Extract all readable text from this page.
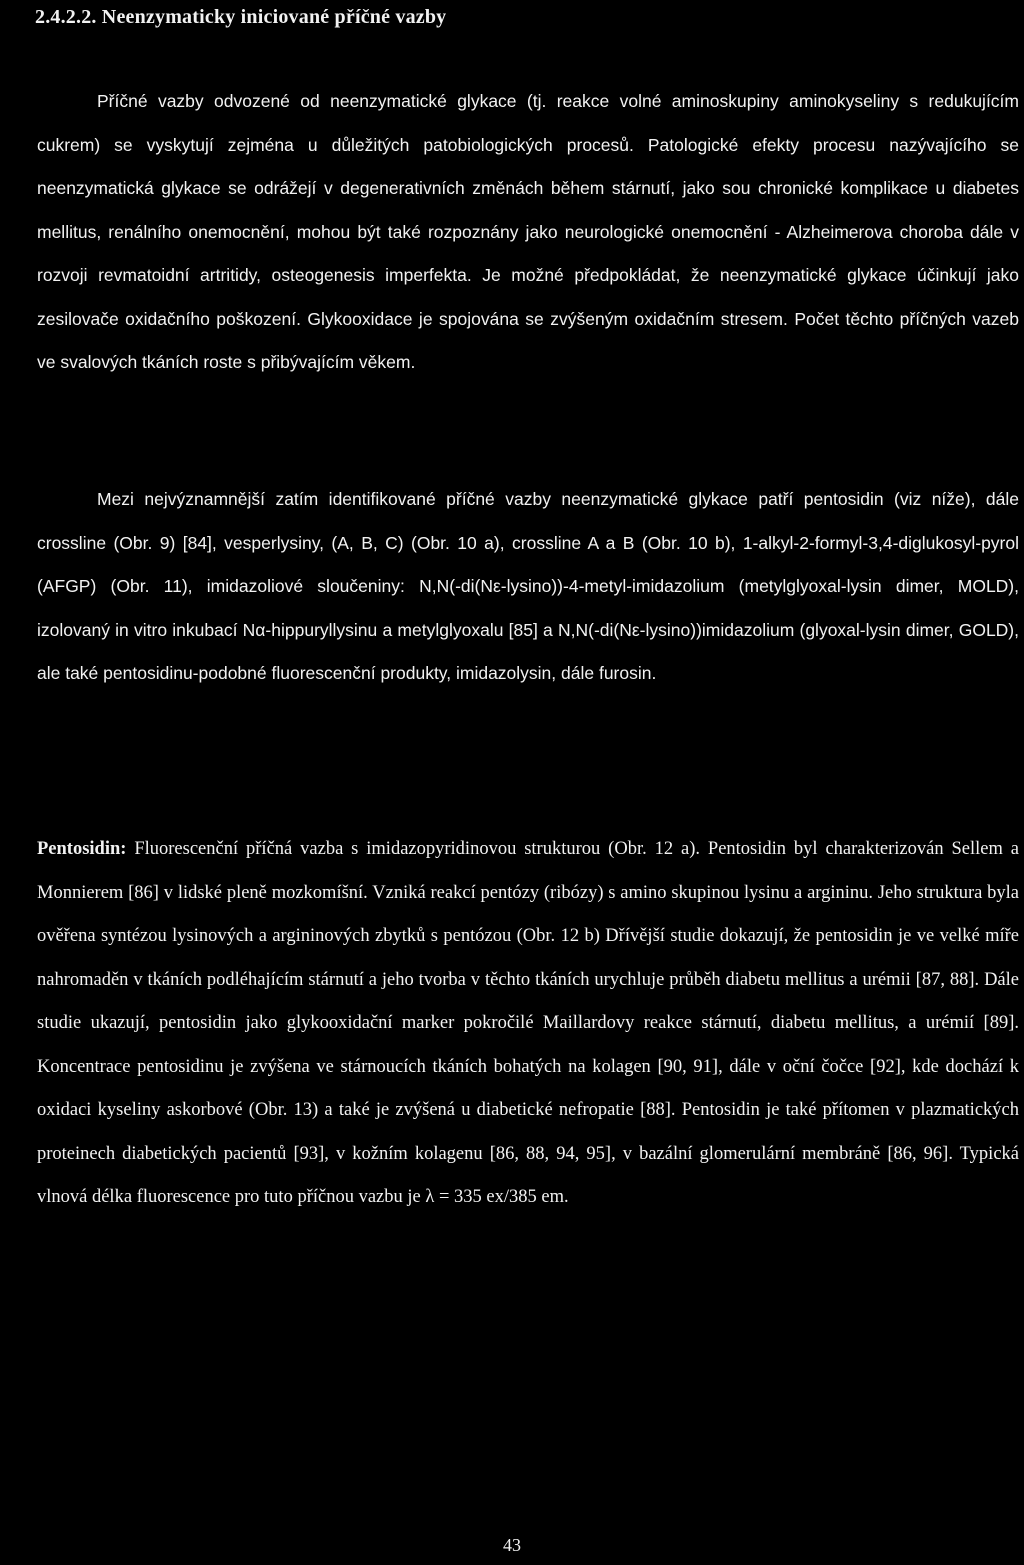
2.4.2.2. Neenzymaticky iniciované příčné vazby

Příčné vazby odvozené od neenzymatické glykace (tj. reakce volné aminoskupiny aminokyseliny s redukujícím cukrem) se vyskytují zejména u důležitých patobiologických procesů. Patologické efekty procesu nazývajícího se neenzymatická glykace se odrážejí v degenerativních změnách během stárnutí, jako sou chronické komplikace u diabetes mellitus, renálního onemocnění, mohou být také rozpoznány jako neurologické onemocnění - Alzheimerova choroba dále v rozvoji revmatoidní artritidy, osteogenesis imperfekta. Je možné předpokládat, že neenzymatické glykace účinkují jako zesilovače oxidačního poškození. Glykooxidace je spojována se zvýšeným oxidačním stresem. Počet těchto příčných vazeb ve svalových tkáních roste s přibývajícím věkem.

Mezi nejvýznamnější zatím identifikované příčné vazby neenzymatické glykace patří pentosidin (viz níže), dále crossline (Obr. 9) [84], vesperlysiny, (A, B, C) (Obr. 10 a), crossline A a B (Obr. 10 b), 1-alkyl-2-formyl-3,4-diglukosyl-pyrol (AFGP) (Obr. 11), imidazoliové sloučeniny: N,N(-di(Nε-lysino))-4-metyl-imidazolium (metylglyoxal-lysin dimer, MOLD), izolovaný in vitro inkubací Nα-hippuryllysinu a metylglyoxalu [85] a N,N(-di(Nε-lysino))imidazolium (glyoxal-lysin dimer, GOLD), ale také pentosidinu-podobné fluorescenční produkty, imidazolysin, dále furosin.

Pentosidin: Fluorescenční příčná vazba s imidazopyridinovou strukturou (Obr. 12 a). Pentosidin byl charakterizován Sellem a Monnierem [86] v lidské pleně mozkomíšní. Vzniká reakcí pentózy (ribózy) s amino skupinou lysinu a argininu. Jeho struktura byla ověřena syntézou lysinových a argininových zbytků s pentózou (Obr. 12 b) Dřívější studie dokazují, že pentosidin je ve velké míře nahromaděn v tkáních podléhajícím stárnutí a jeho tvorba v těchto tkáních urychluje průběh diabetu mellitus a urémii [87, 88]. Dále studie ukazují, pentosidin jako glykooxidační marker pokročilé Maillardovy reakce stárnutí, diabetu mellitus, a urémií [89]. Koncentrace pentosidinu je zvýšena ve stárnoucích tkáních bohatých na kolagen [90, 91], dále v oční čočce [92], kde dochází k oxidaci kyseliny askorbové (Obr. 13) a také je zvýšená u diabetické nefropatie [88]. Pentosidin je také přítomen v plazmatických proteinech diabetických pacientů [93], v kožním kolagenu [86, 88, 94, 95], v bazální glomerulární membráně [86, 96]. Typická vlnová délka fluorescence pro tuto příčnou vazbu je λ = 335 ex/385 em.

43
